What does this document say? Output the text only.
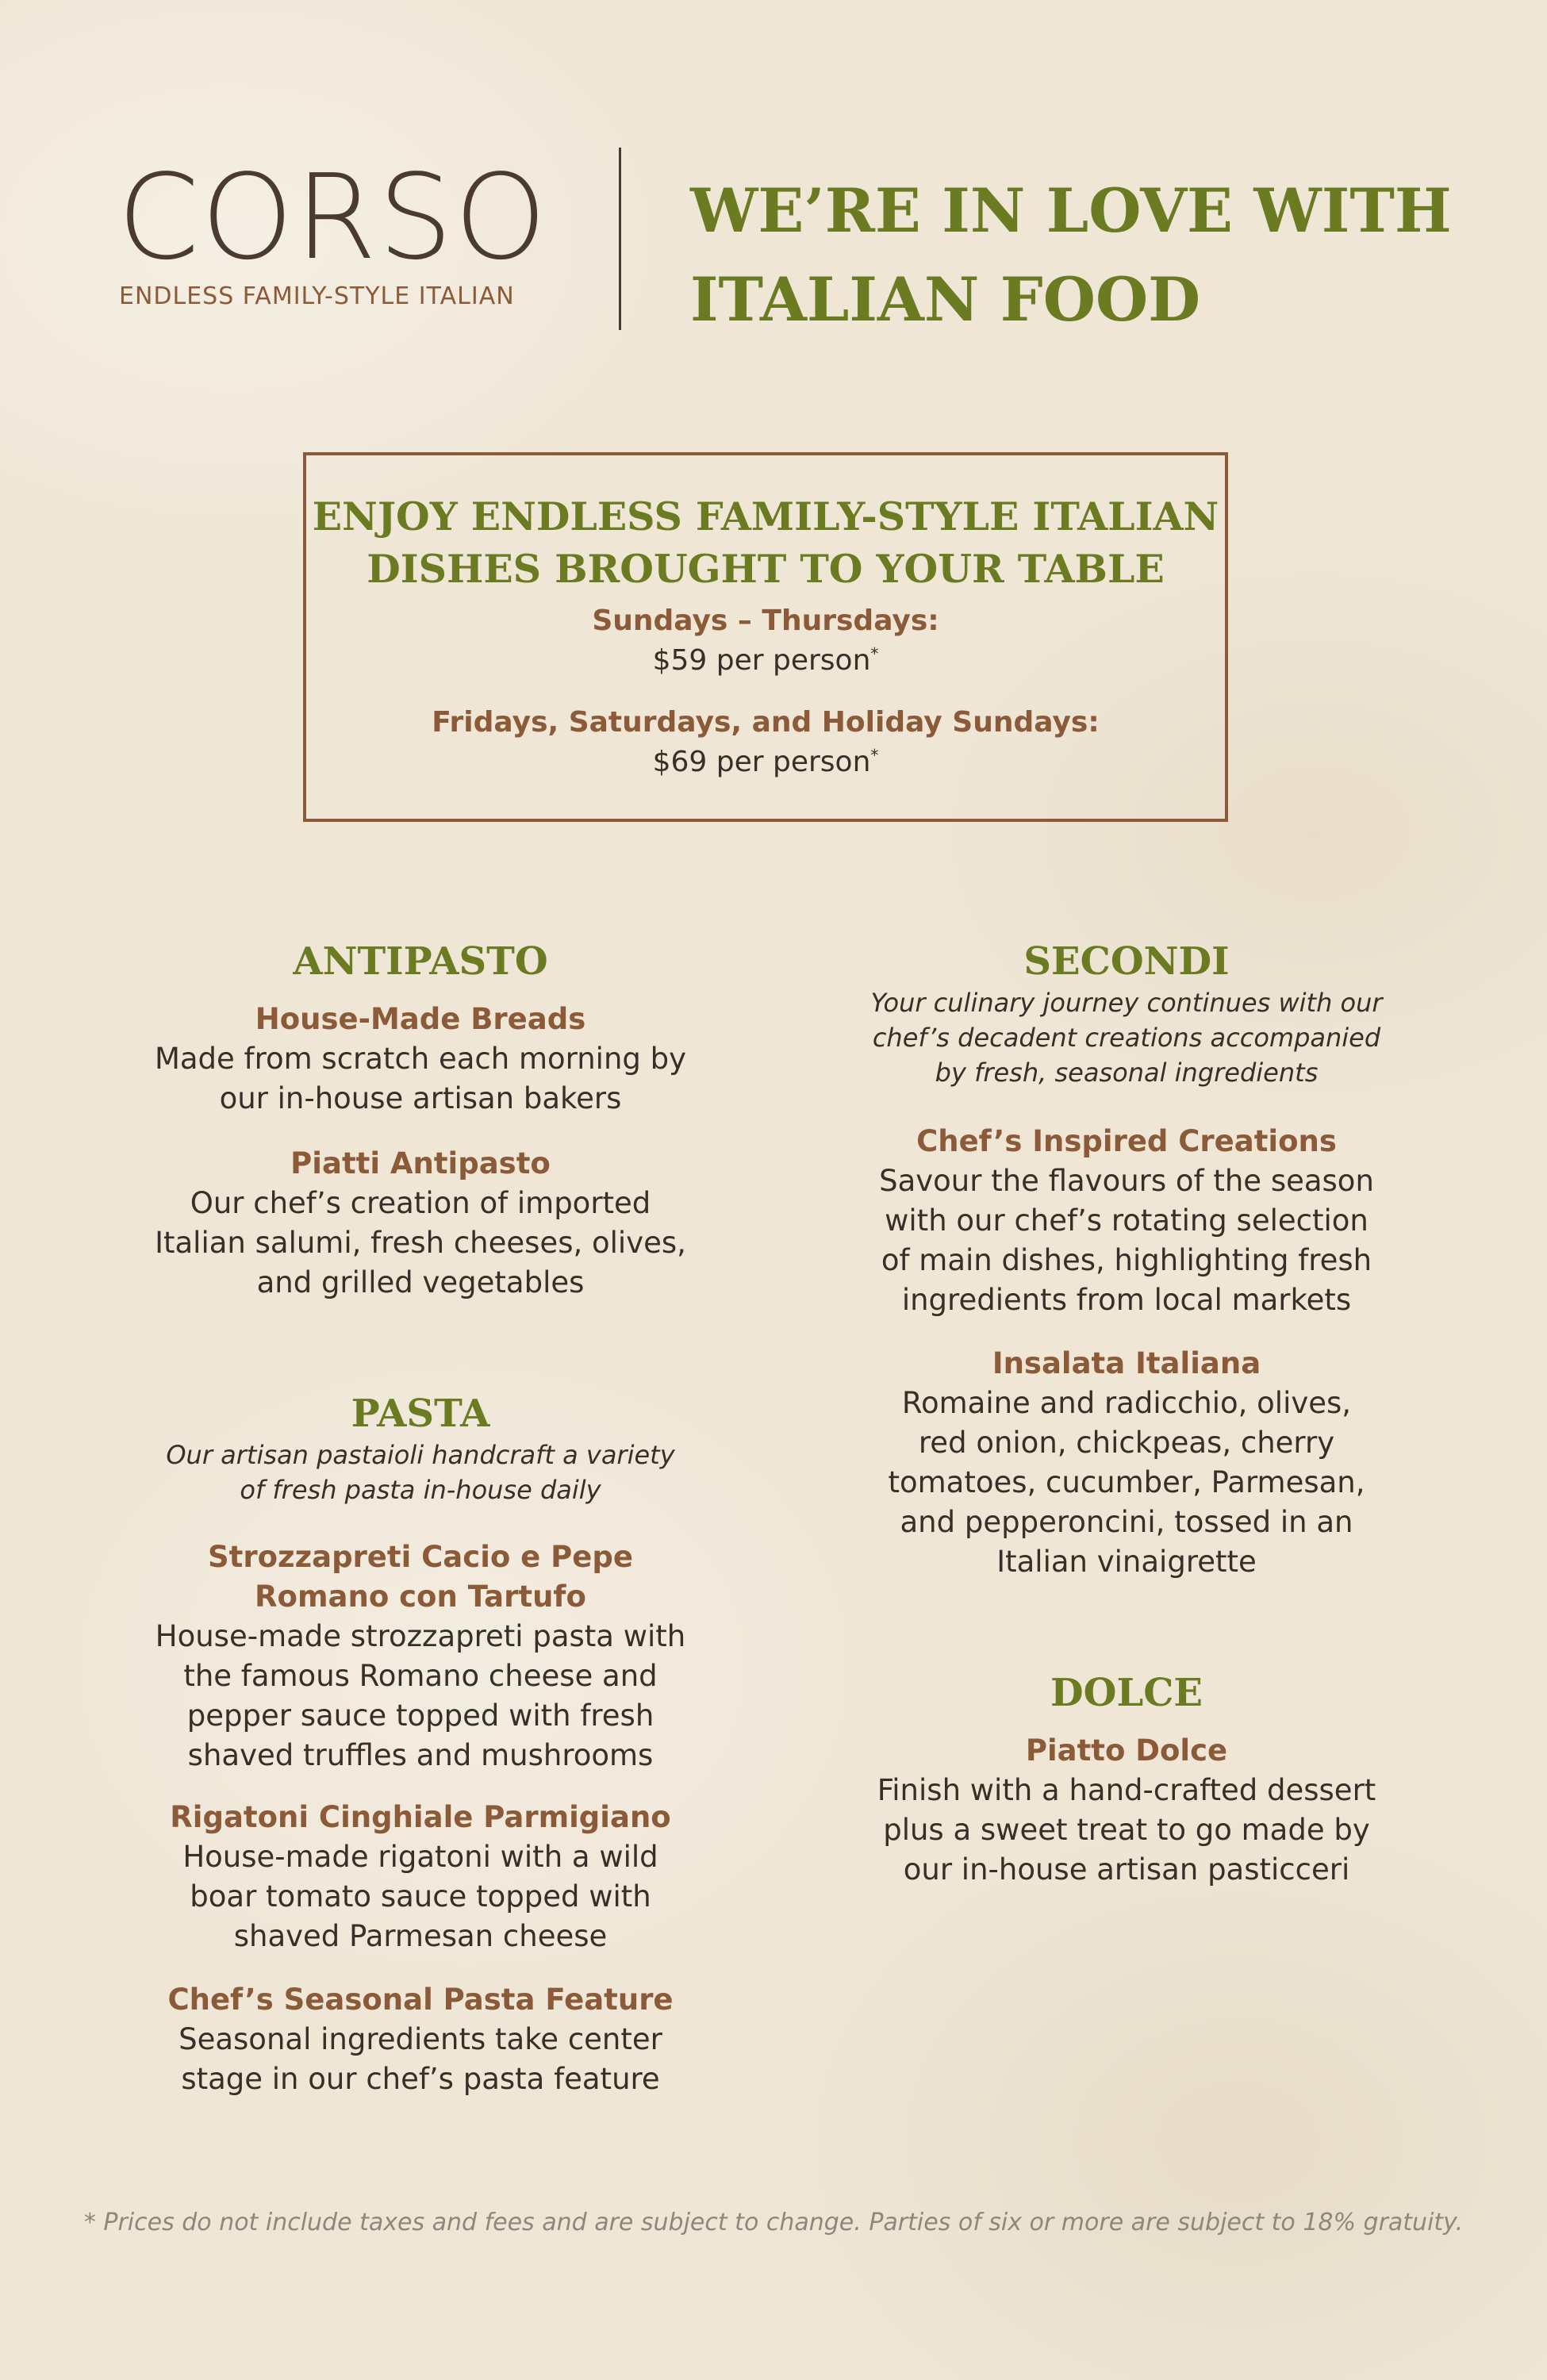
CORSO
ENDLESS FAMILY-STYLE ITALIAN
WE’RE IN LOVE WITH
ITALIAN FOOD
ENJOY ENDLESS FAMILY-STYLE ITALIAN
DISHES BROUGHT TO YOUR TABLE
Sundays – Thursdays:
$59 per person*
Fridays, Saturdays, and Holiday Sundays:
$69 per person*
ANTIPASTO
House-Made Breads
Made from scratch each morning by
our in-house artisan bakers
Piatti Antipasto
Our chef’s creation of imported
Italian salumi, fresh cheeses, olives,
and grilled vegetables
PASTA
Our artisan pastaioli handcraft a variety
of fresh pasta in-house daily
Strozzapreti Cacio e Pepe
Romano con Tartufo
House-made strozzapreti pasta with
the famous Romano cheese and
pepper sauce topped with fresh
shaved truffles and mushrooms
Rigatoni Cinghiale Parmigiano
House-made rigatoni with a wild
boar tomato sauce topped with
shaved Parmesan cheese
Chef’s Seasonal Pasta Feature
Seasonal ingredients take center
stage in our chef’s pasta feature
SECONDI
Your culinary journey continues with our
chef’s decadent creations accompanied
by fresh, seasonal ingredients
Chef’s Inspired Creations
Savour the flavours of the season
with our chef’s rotating selection
of main dishes, highlighting fresh
ingredients from local markets
Insalata Italiana
Romaine and radicchio, olives,
red onion, chickpeas, cherry
tomatoes, cucumber, Parmesan,
and pepperoncini, tossed in an
Italian vinaigrette
DOLCE
Piatto Dolce
Finish with a hand-crafted dessert
plus a sweet treat to go made by
our in-house artisan pasticceri
* Prices do not include taxes and fees and are subject to change. Parties of six or more are subject to 18% gratuity.
